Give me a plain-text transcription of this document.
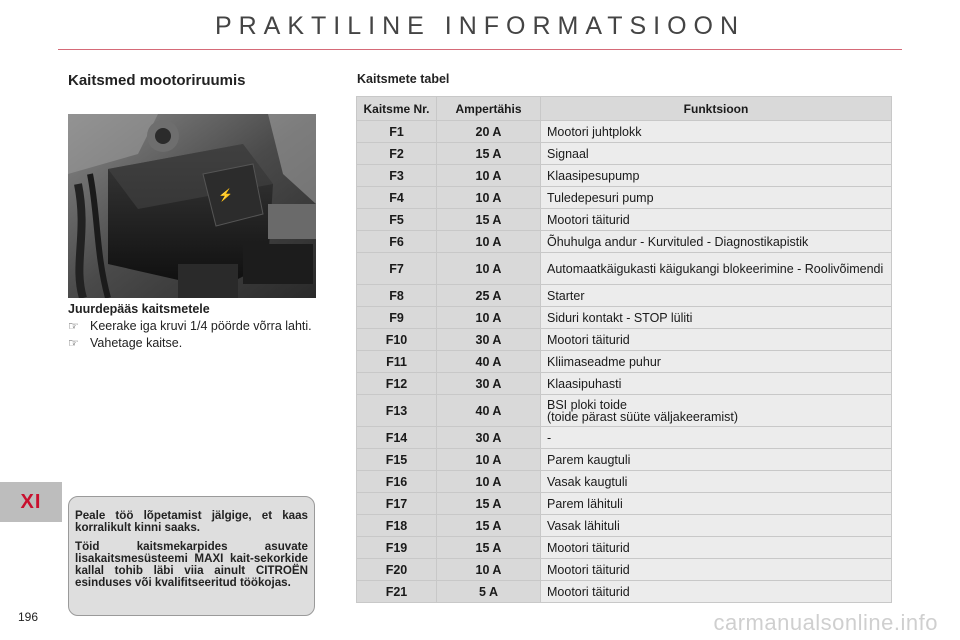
PRAKTILINE INFORMATSIOON
Kaitsmed mootoriruumis	Kaitsmete tabel
⚡
Juurdepääs kaitsmetele
☞ Keerake iga kruvi 1/4 pöörde võrra lahti.
☞ Vahetage kaitse.
XI

Peale töö lõpetamist jälgige, et kaas korralikult kinni saaks.

Töid kaitsmekarpides asuvate lisakaitsmesüsteemi MAXI kait-sekorkide kallal tohib läbi viia ainult CITROËN esinduses või kvalifitseeritud töökojas.

Kaitsme Nr.	Ampertähis	Funktsioon
F1	20 A	Mootori juhtplokk
F2	15 A	Signaal
F3	10 A	Klaasipesupump
F4	10 A	Tuledepesuri pump
F5	15 A	Mootori täiturid
F6	10 A	Õhuhulga andur - Kurvituled - Diagnostikapistik
F7	10 A	Automaatkäigukasti käigukangi blokeerimine - Roolivõimendi
F8	25 A	Starter
F9	10 A	Siduri kontakt - STOP lüliti
F10	30 A	Mootori täiturid
F11	40 A	Kliimaseadme puhur
F12	30 A	Klaasipuhasti
F13	40 A	BSI ploki toide
(toide pärast süüte väljakeeramist)
F14	30 A	-
F15	10 A	Parem kaugtuli
F16	10 A	Vasak kaugtuli
F17	15 A	Parem lähituli
F18	15 A	Vasak lähituli
F19	15 A	Mootori täiturid
F20	10 A	Mootori täiturid
F21	5 A	Mootori täiturid
196	carmanualsonline.info
